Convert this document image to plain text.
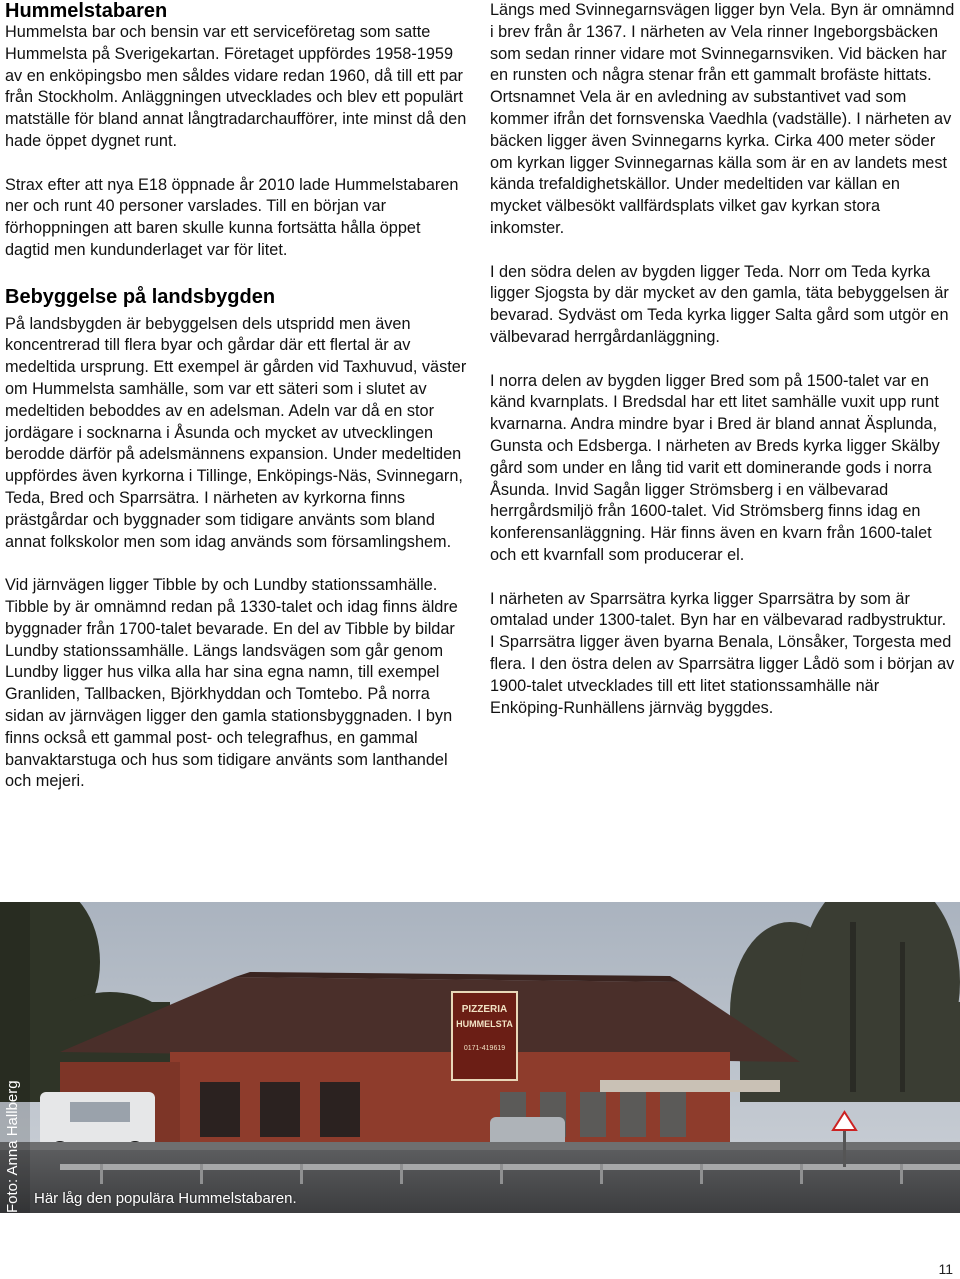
Hummelstabaren

Hummelsta bar och bensin var ett serviceföretag som satte Hummelsta på Sverigekartan. Företaget uppfördes 1958-1959 av en enköpingsbo men såldes vidare redan 1960, då till ett par från Stockholm. Anläggningen utvecklades och blev ett populärt matställe för bland annat långtradarchaufförer, inte minst då den hade öppet dygnet runt.

Strax efter att nya E18 öppnade år 2010 lade Hummelstabaren ner och runt 40 personer varslades. Till en början var förhoppningen att baren skulle kunna fortsätta hålla öppet dagtid men kundunderlaget var för litet.

Bebyggelse på landsbygden

På landsbygden är bebyggelsen dels utspridd men även koncentrerad till flera byar och gårdar där ett flertal är av medeltida ursprung. Ett exempel är gården vid Taxhuvud, väster om Hummelsta samhälle, som var ett säteri som i slutet av medeltiden beboddes av en adelsman. Adeln var då en stor jordägare i socknarna i Åsunda och mycket av utvecklingen berodde därför på adelsmännens expansion. Under medeltiden uppfördes även kyrkorna i Tillinge, Enköpings-Näs, Svinnegarn, Teda, Bred och Sparrsätra. I närheten av kyrkorna finns prästgårdar och byggnader som tidigare använts som bland annat folkskolor men som idag används som församlingshem.

Vid järnvägen ligger Tibble by och Lundby stationssamhälle. Tibble by är omnämnd redan på 1330-talet och idag finns äldre byggnader från 1700-talet bevarade. En del av Tibble by bildar Lundby stationssamhälle. Längs landsvägen som går genom Lundby ligger hus vilka alla har sina egna namn, till exempel Granliden, Tallbacken, Björkhyddan och Tomtebo. På norra sidan av järnvägen ligger den gamla stationsbyggnaden. I byn finns också ett gammal post- och telegrafhus, en gammal banvaktarstuga och hus som tidigare använts som lanthandel och mejeri.

Längs med Svinnegarnsvägen ligger byn Vela. Byn är omnämnd i brev från år 1367. I närheten av Vela rinner Ingeborgsbäcken som sedan rinner vidare mot Svinnegarnsviken. Vid bäcken har en runsten och några stenar från ett gammalt brofäste hittats. Ortsnamnet Vela är en avledning av substantivet vad som kommer ifrån det fornsvenska Vaedhla (vadställe). I närheten av bäcken ligger även Svinnegarns kyrka. Cirka 400 meter söder om kyrkan ligger Svinnegarnas källa som är en av landets mest kända trefaldighetskällor. Under medeltiden var källan en mycket välbesökt vallfärdsplats vilket gav kyrkan stora inkomster.

I den södra delen av bygden ligger Teda. Norr om Teda kyrka ligger Sjogsta by där mycket av den gamla, täta bebyggelsen är bevarad. Sydväst om Teda kyrka ligger Salta gård som utgör en välbevarad herrgårdanläggning.

I norra delen av bygden ligger Bred som på 1500-talet var en känd kvarnplats. I Bredsdal har ett litet samhälle vuxit upp runt kvarnarna. Andra mindre byar i Bred är bland annat Äsplunda, Gunsta och Edsberga. I närheten av Breds kyrka ligger Skälby gård som under en lång tid varit ett dominerande gods i norra Åsunda. Invid Sagån ligger Strömsberg i en välbevarad herrgårdsmiljö från 1600-talet. Vid Strömsberg finns idag en konferensanläggning. Här finns även en kvarn från 1600-talet och ett kvarnfall som producerar el.

I närheten av Sparrsätra kyrka ligger Sparrsätra by som är omtalad under 1300-talet. Byn har en välbevarad radbystruktur. I Sparrsätra ligger även byarna Benala, Lönsåker, Torgesta med flera. I den östra delen av Sparrsätra ligger Lådö som i början av 1900-talet utvecklades till ett litet stationssamhälle när Enköping-Runhällens järnväg byggdes.

PIZZERIA
HUMMELSTA
0171-419619
Foto: Anna Hallberg Här låg den populära Hummelstabaren.
11
